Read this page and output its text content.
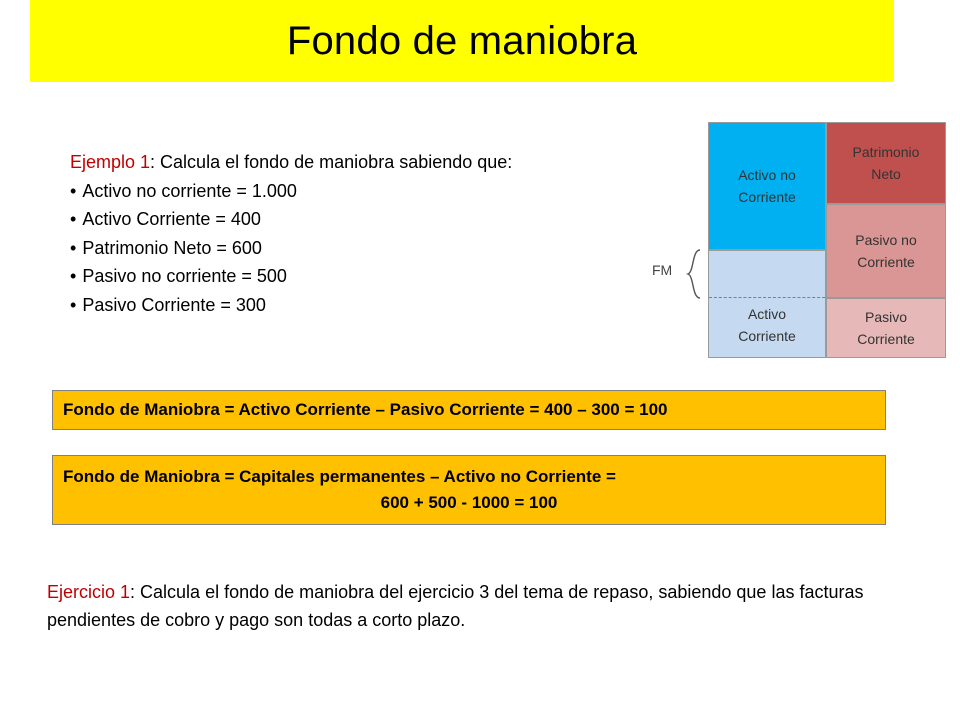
Fondo de maniobra
Ejemplo 1: Calcula el fondo de maniobra sabiendo que:
• Activo no corriente = 1.000
• Activo Corriente = 400
• Patrimonio Neto = 600
• Pasivo no corriente = 500
• Pasivo Corriente = 300
FM
Activo no Corriente
Activo Corriente
Patrimonio Neto
Pasivo no Corriente
Pasivo Corriente
Fondo de Maniobra = Activo Corriente – Pasivo Corriente = 400 – 300 = 100
Fondo de Maniobra = Capitales permanentes – Activo no Corriente =
600 + 500 - 1000 = 100
Ejercicio 1: Calcula el fondo de maniobra del ejercicio 3 del tema de repaso, sabiendo que las facturas pendientes de cobro y pago son todas a corto plazo.
